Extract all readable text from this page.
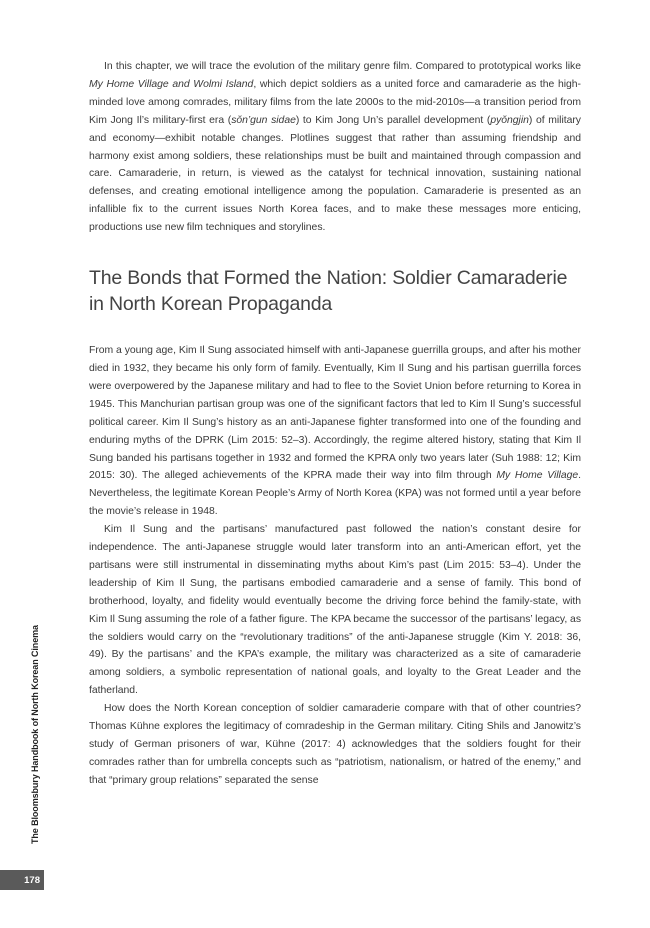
In this chapter, we will trace the evolution of the military genre film. Compared to prototypical works like My Home Village and Wolmi Island, which depict soldiers as a united force and camaraderie as the high-minded love among comrades, military films from the late 2000s to the mid-2010s—a transition period from Kim Jong Il’s military-first era (sŏn’gun sidae) to Kim Jong Un’s parallel development (pyŏngjin) of military and economy—exhibit notable changes. Plotlines suggest that rather than assuming friendship and harmony exist among soldiers, these relationships must be built and maintained through compassion and care. Camaraderie, in return, is viewed as the catalyst for technical innovation, sustaining national defenses, and creating emotional intelligence among the population. Camaraderie is presented as an infallible fix to the current issues North Korea faces, and to make these messages more enticing, productions use new film techniques and storylines.

The Bonds that Formed the Nation: Soldier Camaraderie in North Korean Propaganda

From a young age, Kim Il Sung associated himself with anti-Japanese guerrilla groups, and after his mother died in 1932, they became his only form of family. Eventually, Kim Il Sung and his partisan guerrilla forces were overpowered by the Japanese military and had to flee to the Soviet Union before returning to Korea in 1945. This Manchurian partisan group was one of the significant factors that led to Kim Il Sung’s successful political career. Kim Il Sung’s history as an anti-Japanese fighter transformed into one of the founding and enduring myths of the DPRK (Lim 2015: 52–3). Accordingly, the regime altered history, stating that Kim Il Sung banded his partisans together in 1932 and formed the KPRA only two years later (Suh 1988: 12; Kim 2015: 30). The alleged achievements of the KPRA made their way into film through My Home Village. Nevertheless, the legitimate Korean People’s Army of North Korea (KPA) was not formed until a year before the movie’s release in 1948.

Kim Il Sung and the partisans’ manufactured past followed the nation’s constant desire for independence. The anti-Japanese struggle would later transform into an anti-American effort, yet the partisans were still instrumental in disseminating myths about Kim’s past (Lim 2015: 53–4). Under the leadership of Kim Il Sung, the partisans embodied camaraderie and a sense of family. This bond of brotherhood, loyalty, and fidelity would eventually become the driving force behind the family-state, with Kim Il Sung assuming the role of a father figure. The KPA became the successor of the partisans’ legacy, as the soldiers would carry on the “revolutionary traditions” of the anti-Japanese struggle (Kim Y. 2018: 36, 49). By the partisans’ and the KPA’s example, the military was characterized as a site of camaraderie among soldiers, a symbolic representation of national goals, and loyalty to the Great Leader and the fatherland.

How does the North Korean conception of soldier camaraderie compare with that of other countries? Thomas Kühne explores the legitimacy of comradeship in the German military. Citing Shils and Janowitz’s study of German prisoners of war, Kühne (2017: 4) acknowledges that the soldiers fought for their comrades rather than for umbrella concepts such as “patriotism, nationalism, or hatred of the enemy,” and that “primary group relations” separated the sense

The Bloomsbury Handbook of North Korean Cinema
178
